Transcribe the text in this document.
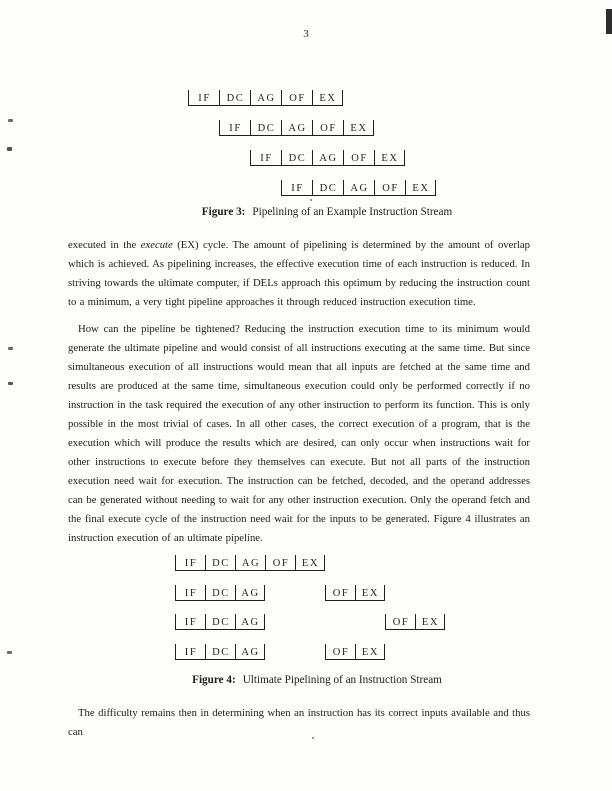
3
IF	DC	AG	OF	EX
IF	DC	AG	OF	EX
IF	DC	AG	OF	EX
IF	DC	AG	OF	EX
Figure 3: Pipelining of an Example Instruction Stream

executed in the execute (EX) cycle. The amount of pipelining is determined by the amount of overlap which is achieved. As pipelining increases, the effective execution time of each instruction is reduced. In striving towards the ultimate computer, if DELs approach this optimum by reducing the instruction count to a minimum, a very tight pipeline approaches it through reduced instruction execution time.

How can the pipeline be tightened? Reducing the instruction execution time to its minimum would generate the ultimate pipeline and would consist of all instructions executing at the same time. But since simultaneous execution of all instructions would mean that all inputs are fetched at the same time and results are produced at the same time, simultaneous execution could only be performed correctly if no instruction in the task required the execution of any other instruction to perform its function. This is only possible in the most trivial of cases. In all other cases, the correct execution of a program, that is the execution which will produce the results which are desired, can only occur when instructions wait for other instructions to execute before they themselves can execute. But not all parts of the instruction execution need wait for execution. The instruction can be fetched, decoded, and the operand addresses can be generated without needing to wait for any other instruction execution. Only the operand fetch and the final execute cycle of the instruction need wait for the inputs to be generated. Figure 4 illustrates an instruction execution of an ultimate pipeline.

IF	DC	AG	OF	EX
IF	DC	AG	OF	EX
IF	DC	AG	OF	EX
IF	DC	AG	OF	EX
Figure 4: Ultimate Pipelining of an Instruction Stream

The difficulty remains then in determining when an instruction has its correct inputs available and thus can
